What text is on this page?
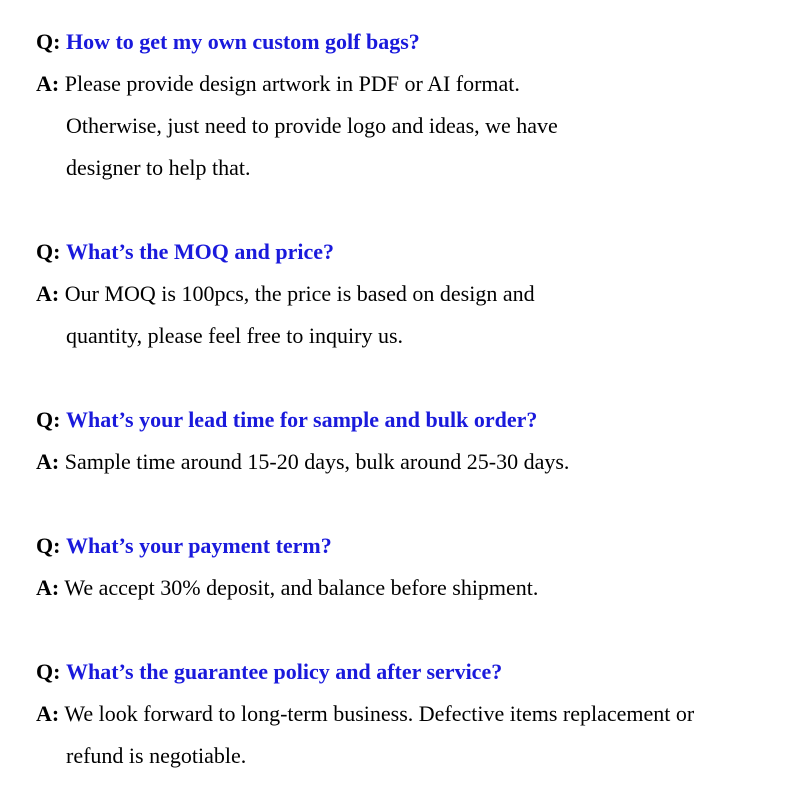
Q: How to get my own custom golf bags?
A: Please provide design artwork in PDF or AI format.
Otherwise, just need to provide logo and ideas, we have
designer to help that.
Q: What’s the MOQ and price?
A: Our MOQ is 100pcs, the price is based on design and
quantity, please feel free to inquiry us.
Q: What’s your lead time for sample and bulk order?
A: Sample time around 15-20 days, bulk around 25-30 days.
Q: What’s your payment term?
A: We accept 30% deposit, and balance before shipment.
Q: What’s the guarantee policy and after service?
A: We look forward to long-term business. Defective items replacement or
refund is negotiable.
